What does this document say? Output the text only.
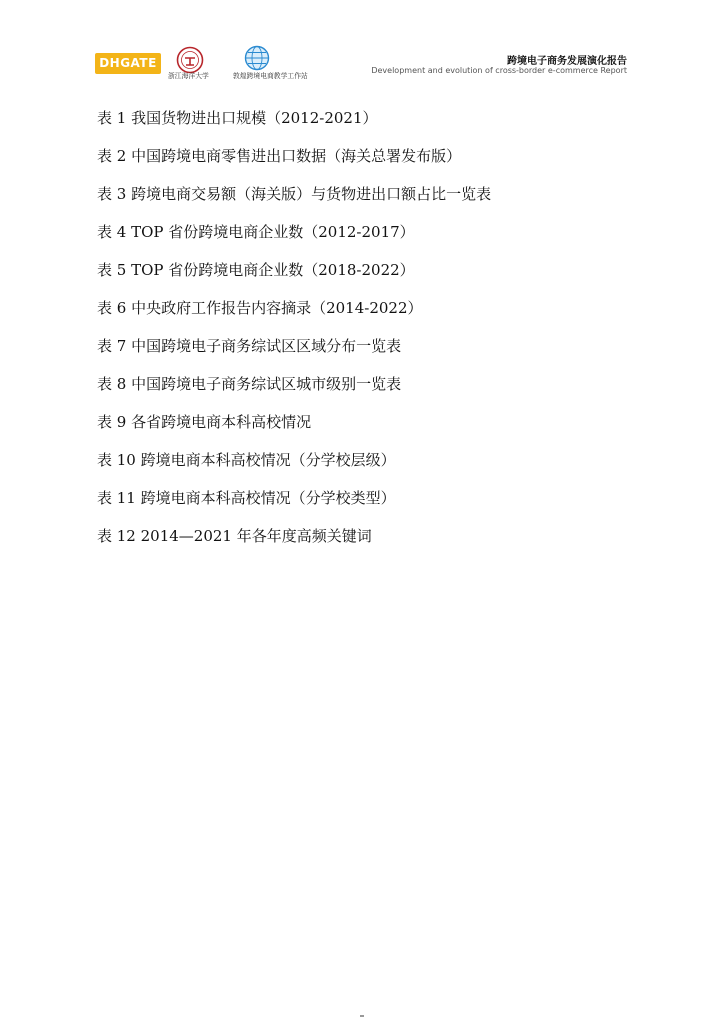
DHGATE
浙江海洋大学	敦煌跨境电商教学工作站
跨境电子商务发展演化报告
Development and evolution of cross-border e-commerce Report
表 1 我国货物进出口规模（2012-2021）
表 2 中国跨境电商零售进出口数据（海关总署发布版）
表 3 跨境电商交易额（海关版）与货物进出口额占比一览表
表 4 TOP 省份跨境电商企业数（2012-2017）
表 5 TOP 省份跨境电商企业数（2018-2022）
表 6 中央政府工作报告内容摘录（2014-2022）
表 7 中国跨境电子商务综试区区域分布一览表
表 8 中国跨境电子商务综试区城市级别一览表
表 9 各省跨境电商本科高校情况
表 10 跨境电商本科高校情况（分学校层级）
表 11 跨境电商本科高校情况（分学校类型）
表 12 2014—2021 年各年度高频关键词
